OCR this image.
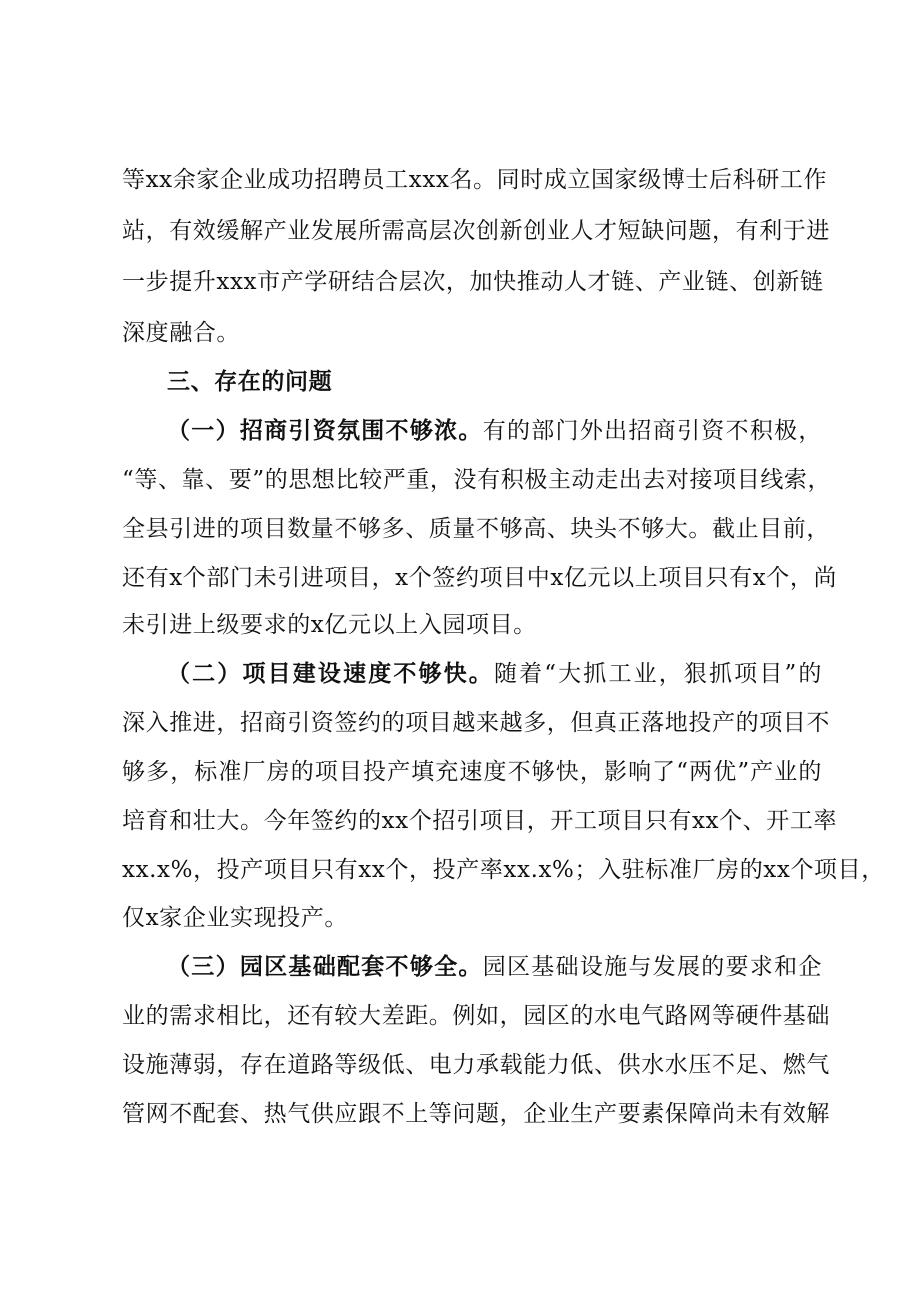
等xx余家企业成功招聘员工xxx名。同时成立国家级博士后科研工作
站，有效缓解产业发展所需高层次创新创业人才短缺问题，有利于进
一步提升xxx市产学研结合层次，加快推动人才链、产业链、创新链
深度融合。
三、存在的问题
（一）招商引资氛围不够浓。有的部门外出招商引资不积极，
“等、靠、要”的思想比较严重，没有积极主动走出去对接项目线索，
全县引进的项目数量不够多、质量不够高、块头不够大。截止目前，
还有x个部门未引进项目，x个签约项目中x亿元以上项目只有x个，尚
未引进上级要求的x亿元以上入园项目。
（二）项目建设速度不够快。随着“大抓工业，狠抓项目”的
深入推进，招商引资签约的项目越来越多，但真正落地投产的项目不
够多，标准厂房的项目投产填充速度不够快，影响了“两优”产业的
培育和壮大。今年签约的xx个招引项目，开工项目只有xx个、开工率
xx.x%，投产项目只有xx个，投产率xx.x%；入驻标准厂房的xx个项目，
仅x家企业实现投产。
（三）园区基础配套不够全。园区基础设施与发展的要求和企
业的需求相比，还有较大差距。例如，园区的水电气路网等硬件基础
设施薄弱，存在道路等级低、电力承载能力低、供水水压不足、燃气
管网不配套、热气供应跟不上等问题，企业生产要素保障尚未有效解
